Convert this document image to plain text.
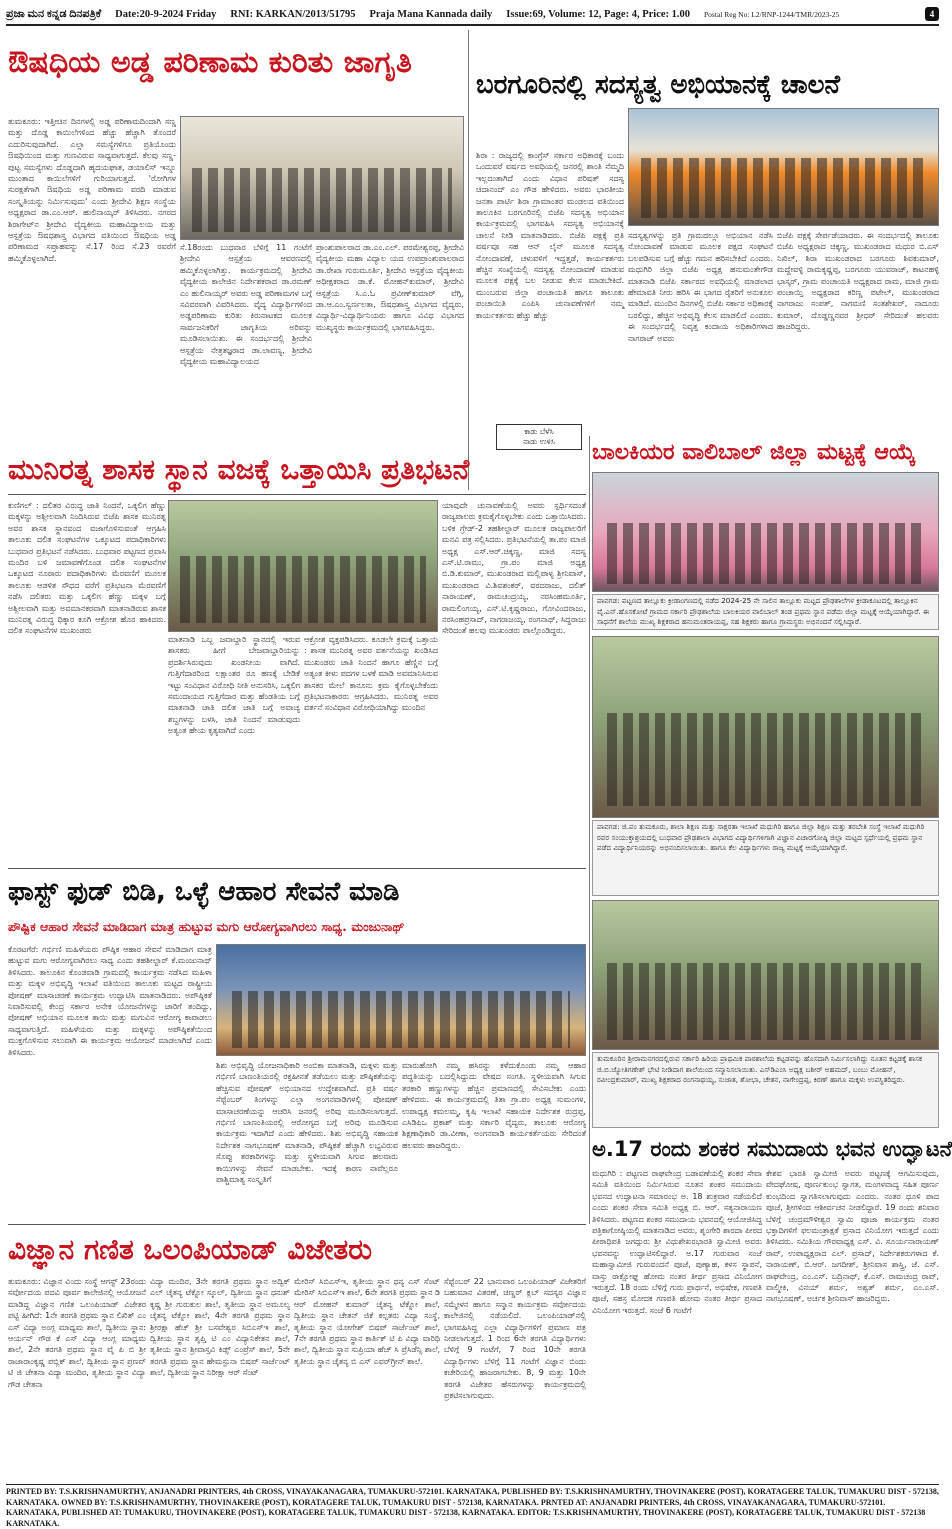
ಪ್ರಜಾ ಮನ ಕನ್ನಡ ದಿನಪತ್ರಿಕೆ Date:20-9-2024 Friday RNI: KARKAN/2013/51795 Praja Mana Kannada daily Issue:69, Volume: 12, Page: 4, Price: 1.00 Postal Reg No: L2/RNP-1244/TMR/2023-25	4
ಔಷಧಿಯ ಅಡ್ಡ ಪರಿಣಾಮ ಕುರಿತು ಜಾಗೃತಿ
ತುಮಕೂರು: ಇತ್ತೀಚಿನ ದಿನಗಳಲ್ಲಿ ಅಡ್ಡ ಪರಿಣಾಮದಿಂದಾಗಿ ಸಣ್ಣ ಮತ್ತು ದೊಡ್ಡ ಕಾಯಿಲೆಗಳಿಂದ ಹೆಚ್ಚು ಹೆಚ್ಚಾಗಿ ತೊಂದರೆ ಎದುರಿಸುವುದಾಗಿದೆ. ಎಲ್ಲಾ ಸಮಸ್ಯೆಗಳಿಗೂ ಪ್ರತಿಯೊಂದು ಔಷಧಿಯಿಂದ ಮತ್ತು ಗುಣವಿರುವ ಸಾಧ್ಯವಾಗುತ್ತದೆ. ಕೆಲವು ಸಣ್ಣ-ಪುಟ್ಟ ಸಮಸ್ಯೆಗಳು ದೊಡ್ಡದಾಗಿ ಹೃದಯಘಾತ, ಡಯಾಲಿಸ್ ಇನ್ನೂ ಮುಂತಾದ ಕಾಯಿಲೆಗಳಿಗೆ ಗುರಿಯಾಗುತ್ತದೆ. 'ರೋಗಿಗಳ ಸುರಕ್ಷತೆಗಾಗಿ ಔಷಧಿಯ ಅಡ್ಡ ಪರಿಣಾಮ ವರದಿ ಮಾಡುವ ಸಂಸ್ಕೃತಿಯನ್ನು ನಿರ್ಮಿಸುವುದು' ಎಂದು ಶ್ರೀದೇವಿ ಶಿಕ್ಷಣ ಸಂಸ್ಥೆಯ ಅಧ್ಯಕ್ಷರಾದ ಡಾ.ಎಂ.ಆರ್. ಹುಲಿನಾಯ್ಕರ್ ತಿಳಿಸಿದರು. ನಗರದ ಶಿರಾಗೇಟ್‌ನ ಶ್ರೀದೇವಿ ವೈದ್ಯಕೀಯ ಮಹಾವಿದ್ಯಾಲಯ ಮತ್ತು ಆಸ್ಪತ್ರೆಯ ಔಷಧಶಾಸ್ತ್ರ ವಿಭಾಗದ ವತಿಯಿಂದ ಔಷಧಿಯ ಅಡ್ಡ ಪರಿಣಾಮದ ಸಪ್ತಾಹವನ್ನು ಸೆ.17 ರಿಂದ ಸೆ.23 ರವರೆಗೆ ಹಮ್ಮಿಕೊಳ್ಳಲಾಗಿದೆ.
ಸೆ.18ರಂದು ಬುಧವಾರ ಬೆಳಿಗ್ಗೆ 11 ಗಂಟೆಗೆ ಶ್ರೀದೇವಿ ಆಸ್ಪತ್ರೆಯ ಆವರಣದಲ್ಲಿ ಹಮ್ಮಿಕೊಳ್ಳಲಾಗಿತ್ತು. ಕಾರ್ಯಕ್ರಮದಲ್ಲಿ ಶ್ರೀದೇವಿ ವೈದ್ಯಕೀಯ ಕಾಲೇಜಿನ ನಿರ್ದೇಶಕರಾದ ಡಾ.ರಮಣ್ ಎಂ ಹುಲಿನಾಯ್ಕರ್ ಅವರು ಅಡ್ಡ ಪರಿಣಾಮಗಳ ಬಗ್ಗೆ ಸವಿವರವಾಗಿ ವಿವರಿಸಿದರು. ವೈದ್ಯ ವಿದ್ಯಾರ್ಥಿಗಳಿಂದ ಅಡ್ಡಪರಿಣಾಮ ಕುರಿತು ಕಿರುನಾಟಕದ ಮೂಲಕ ಸಾರ್ವಜನಿಕರಿಗೆ ಜಾಗೃತಿಯ ಅರಿವನ್ನು ಮೂಡಿಸಲಾಯಿತು. ಈ ಸಂದರ್ಭದಲ್ಲಿ ಶ್ರೀದೇವಿ ಆಸ್ಪತ್ರೆಯ ನೇತ್ರತಜ್ಞರಾದ ಡಾ.ಲಾವಣ್ಯ, ಶ್ರೀದೇವಿ ವೈದ್ಯಕೀಯ ಮಹಾವಿದ್ಯಾಲಯದ
ಪ್ರಾಂಶುಪಾಲರಾದ ಡಾ.ಎಂ.ಎಲ್. ಪರಮೇಶ್ವರಪ್ಪ, ಶ್ರೀದೇವಿ ವೈದ್ಯಕೀಯ ಮಹಾ ವಿದ್ಯಾಲ ಯದ ಉಪಪ್ರಾಂಶುಪಾಲರಾದ ಡಾ.ರೇಖಾ ಗುರುಮೂರ್ತಿ, ಶ್ರೀದೇವಿ ಆಸ್ಪತ್ರೆಯ ವೈದ್ಯಕೀಯ ಅಧೀಕ್ಷಕರಾದ ಡಾ.ಕೆ. ಮೋಹನ್‌ಕುಮಾರ್, ಶ್ರೀದೇವಿ ಆಸ್ಪತ್ರೆಯ ಸಿ.ಎ.ಓ ಪ್ರವೀಣ್‌ಕುಮಾರ್ ವೆಗ್ಗಿ, ಡಾ.ಆ.ಎಂ.ಸ್ವರ್ಣಲತಾ, ಔಷಧಶಾಸ್ತ್ರ ವಿಭಾಗದ ವೈದ್ಯರು, ವಿದ್ಯಾರ್ಥಿ-ವಿದ್ಯಾರ್ಥಿನಿಯರು ಹಾಗೂ ವಿವಿಧ ವಿಭಾಗದ ಮುಖ್ಯಸ್ಥರು ಕಾರ್ಯಕ್ರಮದಲ್ಲಿ ಭಾಗವಹಿಸಿದ್ದರು.
ಬರಗೂರಿನಲ್ಲಿ ಸದಸ್ಯತ್ವ ಅಭಿಯಾನಕ್ಕೆ ಚಾಲನೆ
ಶಿರಾ : ರಾಜ್ಯದಲ್ಲಿ ಕಾಂಗ್ರೆಸ್ ಸರ್ಕಾರ ಅಧಿಕಾರಕ್ಕೆ ಬಂದು ಒಂದುವರೆ ವರ್ಷದ ಅವಧಿಯಲ್ಲಿ ಜನರಲ್ಲಿ ಶಾಂತಿ ನೆಮ್ಮದಿ ಇಲ್ಲದಂತಾಗಿದೆ ಎಂದು ವಿಧಾನ ಪರಿಷತ್ ಸದಸ್ಯ ಚಿದಾನಂದ್ ಎಂ ಗೌಡ ಹೇಳಿದರು. ಅವರು ಭಾರತೀಯ ಜನತಾ ಪಾರ್ಟಿ ಶಿರಾ ಗ್ರಾಮಾಂತರ ಮಂಡಲದ ವತಿಯಿಂದ ತಾಲೂಕಿನ ಬರಗೂರಿನಲ್ಲಿ ಬಿಜೆಪಿ ಸದಸ್ಯತ್ವ ಅಭಿಯಾನ ಕಾರ್ಯಕ್ರಮದಲ್ಲಿ ಭಾಗವಹಿಸಿ ಸದಸ್ಯತ್ವ ಅಭಿಯಾನಕ್ಕೆ ಚಾಲನೆ ನೀಡಿ ಮಾತನಾಡಿದರು. ಬಿಜೆಪಿ ಪಕ್ಷಕ್ಕೆ ಪ್ರತಿ ವರ್ಷವೂ ಸಹ ಆನ್ ಲೈನ್ ಮೂಲಕ ಸದಸ್ಯತ್ವ ನೋಂದಾವಣೆ, ಚಳುವಳಿಗೆ ಇದ್ದತ್ತಡೆ, ಕಾರ್ಯಕರ್ತರು ಹೆಚ್ಚಿನ ಸಂಖ್ಯೆಯಲ್ಲಿ ಸದಸ್ಯತ್ವ ನೋಂದಾವಣೆ ಮಾಡುವ ಮೂಲಕ ಪಕ್ಷಕ್ಕೆ ಬಲ ನೀಡುವ ಕೆಲಸ ಮಾಡಬೇಕಿದೆ. ಮುಂಬರುವ ಜಿಲ್ಲಾ ಪಂಚಾಯತಿ ಹಾಗೂ ತಾಲೂಕು ಪಂಚಾಯಿತಿ ಎಂಪಿಸಿ ಚುನಾವಣೆಗಳಿಗೆ ನಮ್ಮ ಕಾರ್ಯಕರ್ತರು ಹೆಚ್ಚು ಹೆಚ್ಚು
ಸದಸ್ಯತ್ವಗಳನ್ನು ಪ್ರತಿ ಗ್ರಾಮದಲ್ಲೂ ಅಭಿಯಾನ ನಡೆಸಿ ನೋಂದಾವಣೆ ಮಾಡುವ ಮೂಲಕ ಪಕ್ಷದ ಸಂಘಟನೆ ಬಲಪಡಿಸುವ ಬಗ್ಗೆ ಹೆಚ್ಚು ಗಮನ ಹರಿಸಬೇಕಿದೆ ಎಂದರು. ಮಧುಗಿರಿ ಜಿಲ್ಲಾ ಬಿಜೆಪಿ ಅಧ್ಯಕ್ಷ ಹನುಮಂತೇಗೌಡ ಮಾತನಾಡಿ ಬಿಜೆಪಿ ಸರ್ಕಾರದ ಅವಧಿಯಲ್ಲಿ ಮಾಡಲಾದ ಹೇಮಾವತಿ ನೀರು ಹರಿಸಿ ಈ ಭಾಗದ ರೈತರಿಗೆ ಅನುಕೂಲ ಮಾಡಿದೆ. ಮುಂದಿನ ದಿನಗಳಲ್ಲಿ ಬಿಜೆಪಿ ಸರ್ಕಾರ ಅಧಿಕಾರಕ್ಕೆ ಬರಲಿದ್ದು, ಹೆಚ್ಚಿನ ಅಭಿವೃದ್ಧಿ ಕೆಲಸ ಮಾಡಲಿದೆ ಎಂದರು. ಈ ಸಂದರ್ಭದಲ್ಲಿ ನಿವೃತ್ತ ಕಂದಾಯ ಅಧಿಕಾರಿಗಳಾದ ನಾಗರಾಜ್ ಅವರು
ಬಿಜೆಪಿ ಪಕ್ಷಕ್ಕೆ ಸೇರ್ಪಡೆಯಾದರು. ಈ ಸಂದರ್ಭದಲ್ಲಿ ತಾಲೂಕು ಬಿಜೆಪಿ ಅಧ್ಯಕ್ಷರಾದ ಚಿಕ್ಕಣ್ಣ, ಮುಖಂಡರಾದ ಮಧುರ ಬಿ.ಎಸ್ ನಿಖಿಲ್, ಶಿರಾ ಮುಖಂಡರಾದ ಬರಗೂರು ಶಿವಕುಮಾರ್, ಮದ್ದೇವಳ್ಳಿ ರಾಮಕೃಷ್ಣಪ್ಪ, ಬರಗೂರು ಯುವರಾಜ್, ಕಾಟನಹಳ್ಳಿ ಭಾಸ್ಕರ್, ಗ್ರಾಮ ಪಂಚಾಯತಿ ಅಧ್ಯಕ್ಷರಾದ ರಾಮ, ಮಾಜಿ ಗ್ರಾಮ ಪಂಚಾಯ್ತಿ ಅಧ್ಯಕ್ಷರಾದ ಕರಿಣ್ಣ ಪಟೇಲ್, ಮುಖಂಡರಾದ ನಾಗರಾಜು ಸಂಪತ್, ನಾಗಮಣಿ ಸಂತಶೇಖರ್, ನಾದೂರು ಕುಮಾರ್, ದೊಡ್ಡಣ್ಣನವರ ಶ್ರೀಧರ್ ಸೇರಿದಂತೆ ಹಲವರು ಹಾಜರಿದ್ದರು.
ಕಾಡು ಬೆಳೆಸಿ
ನಾಡು ಉಳಿಸಿ	ಬಾಲಕಿಯರ ವಾಲಿಬಾಲ್ ಜಿಲ್ಲಾ ಮಟ್ಟಕ್ಕೆ ಆಯ್ಕೆ
ಪಾವಗಡ: ಪಟ್ಟಣದ ತಾಲ್ಲೂಕು ಕ್ರೀಡಾಂಗಣದಲ್ಲಿ ನಡೆದ 2024-25 ನೇ ಸಾಲಿನ ತಾಲ್ಲೂಕು ಮಟ್ಟದ ಪ್ರೌಢಶಾಲೆಗಳ ಕ್ರೀಡಾಕೂಟದಲ್ಲಿ ತಾಲ್ಲೂಕಿನ ವೈ.ಎನ್.ಹೊಸಕೋಟೆ ಗ್ರಾಮದ ಸರ್ಕಾರಿ ಪ್ರೌಢಶಾಲೆಯ ಬಾಲಕಿಯರ ವಾಲಿಬಾಲ್ ತಂಡ ಪ್ರಥಮ ಸ್ಥಾನ ಪಡೆದು ಜಿಲ್ಲಾ ಮಟ್ಟಕ್ಕೆ ಆಯ್ಕೆಯಾಗಿದ್ದಾರೆ. ಈ ಸಾಧನೆಗೆ ಶಾಲೆಯ ಮುಖ್ಯ ಶಿಕ್ಷಕರಾದ ಹನುಮಂತರಾಯಪ್ಪ, ಸಹ ಶಿಕ್ಷಕರು ಹಾಗೂ ಗ್ರಾಮಸ್ಥರು ಅಭಿನಂದನೆ ಸಲ್ಲಿಸಿದ್ದಾರೆ.
ಪಾವಗಡ: ಜಿ.ಪಂ ತುಮಕೂರು, ಶಾಲಾ ಶಿಕ್ಷಣ ಮತ್ತು ಸಾಕ್ಷರತಾ ಇಲಾಖೆ ಮಧುಗಿರಿ ಹಾಗೂ ಜಿಲ್ಲಾ ಶಿಕ್ಷಣ ಮತ್ತು ತರಬೇತಿ ಸಂಸ್ಥೆ ಇಲಾಖೆ ಮಧುಗಿರಿ ರವರ ಸಂಯುಕ್ತಾಶ್ರಯದಲ್ಲಿ ಬುಧವಾರ ಪ್ರೌಢಶಾಲಾ ವಿಭಾಗದ ವಿದ್ಯಾರ್ಥಿಗಳಿಗಾಗಿ ವಿಜ್ಞಾನ ವಿಚಾರಗೋಷ್ಠಿ ಜಿಲ್ಲಾ ಮಟ್ಟದ ಸ್ಪರ್ಧೆಯಲ್ಲಿ ಪ್ರಥಮ ಸ್ಥಾನ ಪಡೆದ ವಿದ್ಯಾರ್ಥಿನಿಯರನ್ನು ಅಭಿನಂದಿಸಲಾಯಿತು. ಹಾಗೂ ಕೆಲ ವಿದ್ಯಾರ್ಥಿಗಳು ರಾಜ್ಯ ಮಟ್ಟಕ್ಕೆ ಆಯ್ಕೆಯಾಗಿದ್ದಾರೆ.
ಮುನಿರತ್ನ ಶಾಸಕ ಸ್ಥಾನ ವಜಕ್ಕೆ ಒತ್ತಾಯಿಸಿ ಪ್ರತಿಭಟನೆ
ಕುಣಿಗಲ್ : ದಲಿತರ ವಿರುದ್ಧ ಜಾತಿ ನಿಂದನೆ, ಒಕ್ಕಲಿಗ ಹೆಣ್ಣು ಮಕ್ಕಳನ್ನು ಅಶ್ಲೀಲವಾಗಿ ನಿಂದಿಸಿರುವ ಬಿಜೆಪಿ ಶಾಸಕ ಮುನಿರತ್ನ ಅವರ ಶಾಸಕ ಸ್ಥಾನವಂದ ವಜಾಗೊಳಿಸುವಂತೆ ಆಗ್ರಹಿಸಿ ತಾಲೂಕು ದಲಿತ ಸಂಘಟನೆಗಳ ಒಕ್ಕೂಟದ ಪದಾಧಿಕಾರಿಗಳು ಬುಧವಾರ ಪ್ರತಿಭಟನೆ ನಡೆಸಿದರು. ಬುಧವಾರ ಪಟ್ಟಣದ ಪ್ರವಾಸಿ ಮಂದಿರ ಬಳಿ ಜಮಾವಣೆಗೊಂಡ ದಲಿತ ಸಂಘಟನೆಗಳ ಒಕ್ಕೂಟದ ನೂರಾರು ಪದಾಧಿಕಾರಿಗಳು ಮೆರವಣಿಗೆ ಮೂಲಕ ತಾಲೂಕು ಆಡಳಿತ ಸೌಧದ ವರೆಗೆ ಪ್ರತಿಭಟನಾ ಮೆರವಣಿಗೆ ನಡೆಸಿ ದಲಿತರು ಮತ್ತು ಒಕ್ಕಲಿಗ ಹೆಣ್ಣು ಮಕ್ಕಳ ಬಗ್ಗೆ ಅಶ್ಲೀಲವಾಗಿ ಮತ್ತು ಅವಮಾನಕರವಾಗಿ ಮಾತನಾಡಿರುವ ಶಾಸಕ ಮುನಿರತ್ನ ವಿರುದ್ಧ ಧಿಕ್ಕಾರ ಕೂಗಿ ಆಕ್ರೋಶ ಹೊರ ಹಾಕಿದರು. ದಲಿತ ಸಂಘಟನೆಗಳ ಮುಖಂಡರು
ಮಾತನಾಡಿ ಒಬ್ಬ ಜವಾಬ್ದಾರಿ ಸ್ಥಾನದಲ್ಲಿ ಇರುವ ಶಾಸಕರು ಹೀಗೆ ಬೇಜವಾಬ್ದಾರಿಯನ್ನು ಪ್ರದರ್ಶಿಸಿರುವುದು ಖಂಡನೀಯ ವಾಗಿದೆ. ಗುತ್ತಿಗೆದಾರರಿಂದ ಲಕ್ಷಾಂತರ ರೂ ಹಣಕ್ಕೆ ಬೇಡಿಕೆ ಇಟ್ಟು ಸಂವಿಧಾನ ವಿರೋಧಿ ನೀತಿ ಅನುಸರಿಸಿ, ಒಕ್ಕಲಿಗ ಸಮುದಾಯದ ಗುತ್ತಿಗೆದಾರ ಮತ್ತು ಹೆಂಡತಿಯ ಬಗ್ಗೆ ಮಾತನಾಡಿ ಜಾತಿ ದಲಿತ ಜಾತಿ ಬಗ್ಗೆ ಅವಾಚ್ಯ ಶಬ್ದಗಳನ್ನು ಬಳಸಿ, ಜಾತಿ ನಿಂದನೆ ಮಾಡುವುದು ಅತ್ಯಂತ ಹೇಯ ಕೃತ್ಯವಾಗಿದೆ ಎಂದು
ಆಕ್ರೋಶ ವ್ಯಕ್ತಪಡಿಸಿದರು. ಕೂಡಲೇ ಕ್ರಮಕ್ಕೆ ಒತ್ತಾಯ : ಶಾಸಕ ಮುನಿರತ್ನ ಅವರ ವರ್ತನೆಯನ್ನು ಖಂಡಿಸಿದ ಮುಖಂಡರು ಜಾತಿ ನಿಂದನೆ ಹಾಗೂ ಹೆಣ್ಣಿನ ಬಗ್ಗೆ ಅತ್ಯಂತ ಕೀಳು ಪದಗಳ ಬಳಕೆ ಮಾಡಿ ಅವಮಾನಿಸಿರುವ ಶಾಸಕರ ಮೇಲೆ ಕಾನೂನು ಕ್ರಮ ಕೈಗೊಳ್ಳಬೇಕೆಂದು ಪ್ರತಿಭಟನಾಕಾರರು ಆಗ್ರಹಿಸಿದರು. ಮುನಿರತ್ನ ಅವರ ವರ್ತನೆ ಸಂವಿಧಾನ ವಿರೋಧಿಯಾಗಿದ್ದು ಮುಂದಿನ
ಯಾವುದೇ ಚುನಾವಣೆಯಲ್ಲಿ ಅವರು ಸ್ಪರ್ಧಿಸದಂತೆ ರಾಜ್ಯಪಾಲರು ಕ್ರಮಕೈಗೊಳ್ಳಬೇಕು ಎಂದು ಒತ್ತಾಯಿಸಿದರು. ಬಳಿಕ ಗ್ರೇಡ್-2 ತಹಶೀಲ್ದಾರ್ ಮೂಲಕ ರಾಜ್ಯಪಾಲರಿಗೆ ಮನವಿ ಪತ್ರ ಸಲ್ಲಿಸಿದರು. ಪ್ರತಿಭಟನೆಯಲ್ಲಿ ತಾ.ಪಂ ಮಾಜಿ ಅಧ್ಯಕ್ಷ ಎಸ್.ಆರ್.ಚಿಕ್ಕಣ್ಣ, ಮಾಜಿ ಸದಸ್ಯ ಎಸ್.ಟಿ.ರಾಮು, ಗ್ರಾ.ಪಂ ಮಾಜಿ ಅಧ್ಯಕ್ಷ ಬಿ.ಡಿ.ಕುಮಾರ್, ಮುಖಂಡರಾದ ಮಲ್ಲಿಪಾಳ್ಯ ಶ್ರೀನಿವಾಸ್, ಮುಖಂಡರಾದ ವಿ.ಶಿವಶಂಕರ್, ವರದರಾಜು, ದಲಿತ್ ನಾರಾಯಣ್, ರಾಮಚಂದ್ರಯ್ಯ, ನರಸಿಂಹಮೂರ್ತಿ, ರಾಮಲಿಂಗಯ್ಯ, ಎಸ್.ಟಿ.ಕೃಷ್ಣರಾಜು, ಗೋವಿಂದರಾಜು, ನರಸಿಂಹಪ್ರಸಾದ್, ನಾಗರಾಜಯ್ಯ, ರಂಗನಾಥ್, ಸಿದ್ದರಾಜು ಸೇರಿದಂತೆ ಹಲವು ಮುಖಂಡರು ಪಾಲ್ಗೊಂಡಿದ್ದರು.
ಫಾಸ್ಟ್ ಫುಡ್ ಬಿಡಿ, ಒಳ್ಳೆ ಆಹಾರ ಸೇವನೆ ಮಾಡಿ
ಪೌಷ್ಟಿಕ ಆಹಾರ ಸೇವನೆ ಮಾಡಿದಾಗ ಮಾತ್ರ ಹುಟ್ಟುವ ಮಗು ಆರೋಗ್ಯವಾಗಿರಲು ಸಾಧ್ಯ. ಮಂಜುನಾಥ್
ಕೊರಟಗೆರೆ: ಗರ್ಭಿಣಿ ಮಹಿಳೆಯರು ಪೌಷ್ಠಿಕ ಆಹಾರ ಸೇವನೆ ಮಾಡಿದಾಗ ಮಾತ್ರ ಹುಟ್ಟುವ ಮಗು ಆರೋಗ್ಯವಾಗಿರಲು ಸಾಧ್ಯ ಎಂದು ತಹಶೀಲ್ದಾರ್ ಕೆ.ಮಂಜುನಾಥ್ ತಿಳಿಸಿದರು. ತಾಲೂಕಿನ ಕೊಂಡವಾಡಿ ಗ್ರಾಮದಲ್ಲಿ ಕಾರ್ಯಕ್ರಮ ನಡೆಸಿದ ಮಹಿಳಾ ಮತ್ತು ಮಕ್ಕಳ ಅಭಿವೃದ್ಧಿ ಇಲಾಖೆ ವತಿಯಿಂದ ತಾಲೂಕು ಮಟ್ಟದ ರಾಷ್ಟ್ರೀಯ ಪೋಷಣ್ ಮಾಸಾಚರಣೆ ಕಾರ್ಯಕ್ರಮ ಉದ್ಘಾಟಿಸಿ ಮಾತನಾಡಿದರು. ಅಪೌಷ್ಠಿಕತೆ ನಿವಾರಿಸುವಲ್ಲಿ ಕೇಂದ್ರ ಸರ್ಕಾರ ಅನೇಕ ಯೋಜನೆಗಳನ್ನು ಜಾರಿಗೆ ತಂದಿದ್ದು, ಪೋಷಣ್ ಅಭಿಯಾನ ಮೂಲಕ ತಾಯಿ ಮತ್ತು ಮಗುವಿನ ಆರೋಗ್ಯ ಕಾಪಾಡಲು ಸಾಧ್ಯವಾಗುತ್ತಿದೆ. ಮಹಿಳೆಯರು ಮತ್ತು ಮಕ್ಕಳನ್ನು ಅಪೌಷ್ಠಿಕತೆಯಿಂದ ಮುಕ್ತಗೊಳಿಸುವ ಸಲುವಾಗಿ ಈ ಕಾರ್ಯಕ್ರಮ ಆಯೋಜನೆ ಮಾಡಲಾಗಿದೆ ಎಂದು ತಿಳಿಸಿದರು.
ಶಿಶು ಅಭಿವೃದ್ಧಿ ಯೋಜನಾಧಿಕಾರಿ ಅಂಬಿಕಾ ಮಾತನಾಡಿ, ಮಕ್ಕಳು ಮತ್ತು ಗರ್ಭಿಣಿ ಬಾಣಂತಿಯರಲ್ಲಿ ರಕ್ತಹೀನತೆ ತಡೆಯಲು ಮತ್ತು ಪೌಷ್ಠಿಕತೆಯನ್ನು ಹೆಚ್ಚಿಸುವ ಪೋಷಣ್ ಅಭಿಯಾನದ ಉದ್ದೇಶವಾಗಿದೆ. ಪ್ರತಿ ವರ್ಷ ಸೆಪ್ಟೆಂಬರ್ ತಿಂಗಳನ್ನು ಎಲ್ಲಾ ಅಂಗನವಾಡಿಗಳಲ್ಲಿ ಪೋಷಣ್ ಮಾಸಾಚರಣೆಯನ್ನು ಆಚರಿಸಿ ಜನರಲ್ಲಿ ಅರಿವು ಮೂಡಿಸಲಾಗುತ್ತದೆ. ಗರ್ಭಿಣಿ ಬಾಣಂತಿಯರಲ್ಲಿ ಆರೋಗ್ಯದ ಬಗ್ಗೆ ಅರಿವು ಮೂಡಿಸುವ ಕಾರ್ಯಕ್ರಮ ಇದಾಗಿದೆ ಎಂದು ಹೇಳಿದರು. ಶಿಶು ಅಭಿವೃದ್ಧಿ ಸಹಾಯಕ ನಿರ್ದೇಶಕ ನಾಗಭೂಷಣ್ ಮಾತನಾಡಿ, ಪೌಷ್ಠಿಕತೆ ಹೆಚ್ಚಾಗಿ ಲಭ್ಯವಿರುವ ಸೊಪ್ಪು ತರಕಾರಿಗಳನ್ನು ಮತ್ತು ಸ್ಥಳೀಯವಾಗಿ ಸಿಗುವ ಹಲವಾರು ಕಾಯಿಗಳನ್ನು ಸೇವನೆ ಮಾಡಬೇಕು. ಇದಕ್ಕೆ ಕಾರಣ ನಾವೆಲ್ಲರೂ ಪಾಶ್ಚಿಮಾತ್ಯ ಸಂಸ್ಕೃತಿಗೆ
ಮಾರುಹೋಗಿ ನಮ್ಮ ಹಸಿರನ್ನು ಕಳೆದುಕೊಂಡು ನಮ್ಮ ಆಹಾರ ಪದ್ಧತಿಯನ್ನು ಬದಲ್ಲಿಸಿದ್ದುದು ವೇಷದ ಸಂಗತಿ. ಸ್ಥಳೀಯವಾಗಿ ಸಿಗುವ ತರಕಾರಿ ಹಣ್ಣುಗಳನ್ನು ಹೆಚ್ಚಿನ ಪ್ರಮಾಣದಲ್ಲಿ ಸೇವಿಸಬೇಕು ಎಂದು ಹೇಳಿದರು. ಈ ಕಾರ್ಯಕ್ರಮದಲ್ಲಿ ತಿತಾ ಗ್ರಾ.ಪಂ ಅಧ್ಯಕ್ಷ ಸುಮಂಗಳ, ಉಪಾಧ್ಯಕ್ಷ ಕಮಲಮ್ಮ, ಕೃಷಿ ಇಲಾಖೆ ಸಹಾಯಕ ನಿರ್ದೇಶಕ ರುದ್ರಪ್ಪ, ಎಸಿಡಿಪಿಒ ಪ್ರಕಾಶ್ ಮತ್ತು ಸರ್ಕಾರಿ ವೈದ್ಯರು, ತಾಲೂಕು ಆರೋಗ್ಯ ಶಿಕ್ಷಣಾಧಿಕಾರಿ ಡಾ.ವೀಣಾ, ಅಂಗನವಾಡಿ ಕಾರ್ಯಕರ್ತೆಯರು ಸೇರಿದಂತೆ ಹಲವರು ಹಾಜರಿದ್ದರು.
ತುಮಕೂರಿನ ಶ್ರೀರಾಮನಗರದಲ್ಲಿರುವ ಸರ್ಕಾರಿ ಹಿರಿಯ ಪ್ರಾಥಮಿಕ ಪಾಠಶಾಲೆಯ ಕಟ್ಟಡವನ್ನು ಹೊಸದಾಗಿ ನಿರ್ಮಿಸಲಾಗಿದ್ದು ನೂತನ ಕಟ್ಟಡಕ್ಕೆ ಶಾಸಕ ಜಿ.ಬಿ.ಜ್ಯೋತಿಗಣೇಶ್ ಭೇಟಿ ನೀಡಿದಾಗ ಶಾಲೆಯಿಂದ ಸನ್ಮಾನಿಸಲಾಯಿತು. ಎಸ್‌ಡಿಎಂಸಿ ಅಧ್ಯಕ್ಷ ಬಶೀರ್ ಅಹಮದ್, ಬಂಬು ಮೋಹನ್, ರವೀಂದ್ರಕುಮಾರ್, ಮುಖ್ಯ ಶಿಕ್ಷಕರಾದ ರಂಗನಾಥಯ್ಯ, ಸುಜಾತ, ಶೋಭಾ, ಚೇತನ, ನಾಗೇಂದ್ರಪ್ಪ, ಕಿರಣ್ ಹಾಗೂ ಮಕ್ಕಳು ಉಪಸ್ಥಿತರಿದ್ದರು.
ಅ.17 ರಂದು ಶಂಕರ ಸಮುದಾಯ ಭವನ ಉದ್ಘಾಟನೆ
ಮಧುಗಿರಿ : ಪಟ್ಟಣದ ರಾಘವೇಂದ್ರ ಬಡಾವಣೆಯಲ್ಲಿ ಶಂಕರ ಸೇವಾ ಸಮಿತಿ ವತಿಯಿಂದ ನಿರ್ಮಿಸಿರುವ ನೂತನ ಶಂಕರ ಸಮುದಾಯ ಭವನದ ಉದ್ಘಾಟನಾ ಸಮಾರಂಭ ಅ. 18 ಶುಕ್ರವಾರ ನಡೆಯಲಿದೆ ಎಂದು ಶಂಕರ ಸೇವಾ ಸಮಿತಿ ಅಧ್ಯಕ್ಷ ಬಿ. ಆರ್. ಸತ್ಯನಾರಾಯಣ ತಿಳಿಸಿದರು. ಪಟ್ಟಣದ ಶಂಕರ ಸಮುದಾಯ ಭವನದಲ್ಲಿ ಆಯೋಜಿಸಿದ್ದ ಪತ್ರಿಕಾಗೋಷ್ಠಿಯಲ್ಲಿ ಮಾತನಾಡಿದ ಅವರು, ಶೃಂಗೇರಿ ಶಾರದಾ ಪೀಠದ ಪೀಠಾಧಿಪತಿ ಜಗದ್ಗುರು ಶ್ರೀ ವಿಧುಶೇಖರಭಾರತಿ ಸ್ವಾಮೀಜಿ ಅವರು ಭವನವನ್ನು ಉದ್ಘಾಟಿಸಲಿದ್ದಾರೆ. ಅ.17 ಗುರುವಾರ ಸಂಜೆ ಮಹಾಸ್ವಾಮೀಜಿ ಗುರುವಂದನೆ ಪೂಜೆ, ಪುಣ್ಯಾಹ, ಕಳಸ ಸ್ಥಾಪನೆ, ವಾಸ್ತು ರಾಕ್ಷೋಘ್ನ ಹೋಮ ನಂತರ ತೀರ್ಥ ಪ್ರಸಾದ ವಿನಿಯೋಗ ಇರುತ್ತದೆ. 18 ರಂದು ಬೆಳಿಗ್ಗೆ ಗುರು ಪ್ರಾರ್ಥನೆ, ಅಭಿಷೇಕ, ಗಣಪತಿ ಪೂಜೆ, ಸಹಸ್ರ ಮೋದಕ ಗಣಪತಿ ಹೋಮ ನಂತರ ತೀರ್ಥ ಪ್ರಸಾದ ವಿನಿಯೋಗ ಇರುತ್ತದೆ. ಸಂಜೆ 6 ಗಂಟೆಗೆ
ಕೇಶವ ಭಾರತಿ ಸ್ವಾಮೀಜಿ ಅವರು ಪಟ್ಟಣಕ್ಕೆ ಆಗಮಿಸುವುದು, ವೇದಘೋಷ, ಪೂರ್ಣಕುಂಭ ಸ್ವಾಗತ, ಮಂಗಳವಾದ್ಯ ಸಹಿತ ಪೂರ್ಣ ಕುಂಭದಿಂದ ಸ್ವಾಗತಿಸಲಾಗುವುದು ಎಂದರು. ನಂತರ ಧೂಳಿ ಪಾದ ಪೂಜೆ, ಶ್ರೀಗಳಿಂದ ಆಶೀರ್ವಚನ ನೀಡಲಿದ್ದಾರೆ. 19 ರಂದು ಶನಿವಾರ ಬೆಳಿಗ್ಗೆ ಚಂದ್ರಮೌಳೀಶ್ವರ ಸ್ವಾಮಿ ಪೂಜಾ ಕಾರ್ಯಕ್ರಮ ನಂತರ ಭಕ್ತಾದಿಗಳಿಗೆ ಫಲಮಂತ್ರಾಕ್ಷತೆ ಪ್ರಸಾದ ವಿನಿಯೋಗ ಇರುತ್ತದೆ ಎಂದು ತಿಳಿಸಿದರು. ಸಮಿತಿಯ ಗೌರವಾಧ್ಯಕ್ಷ ಎಸ್. ವಿ. ಸೂರ್ಯನಾರಾಯಣ್ ರಾವ್, ಉಪಾಧ್ಯಕ್ಷರಾದ ಎಲ್. ಪ್ರಸಾದ್, ನಿರ್ದೇಶಕರುಗಳಾದ ಕೆ. ನಾರಾಯಣ್, ಬಿ.ಆರ್. ಜಗದೀಶ್, ಶ್ರೀನಿವಾಸ ಶಾಸ್ತ್ರಿ, ಜೆ. ಎಸ್. ರಾಘವೇಂದ್ರ, ಎಂ.ಎಸ್. ಬದ್ರಿನಾಥ್, ಕೆ.ಎಸ್. ರಾಮಚಂದ್ರ ರಾವ್, ವಾಲ್ಮೀಕಿ, ವಿನಯ್ ಶರ್ಮ, ಅಶ್ವತ್ ಶರ್ಮ, ಎಂ.ಎಸ್. ನಾಗಭೂಷಣ್, ಅರ್ಚಕ ಶ್ರೀನಿವಾಸ್ ಹಾಜರಿದ್ದರು.
ವಿಜ್ಞಾನ ಗಣಿತ ಒಲಂಪಿಯಾಡ್ ವಿಜೇತರು
ತುಮಕೂರು: ವಿಜ್ಞಾನ ವಿಂದು ಸಂಸ್ಥೆ ಆಗಸ್ಟ್ 23ರಂದು ಸರ್ವೋದಯ ಪದವಿ ಪೂರ್ವ ಕಾಲೇಜಿನಲ್ಲಿ ಆಯೋಜನೆ ಮಾಡಿದ್ದ ವಿಜ್ಞಾನ ಗಣಿತ ಒಲಂಪಿಯಾಡ್ ವಿಜೇತರ ಪಟ್ಟಿ ಹೀಗಿದೆ: 1ನೇ ತರಗತಿ ಪ್ರಥಮ ಸ್ಥಾನ ಲಿಖಿತ್ ಎಂ ಎಸ್ ವಿದ್ಯಾ ಅಂಗ್ಲ ಮಾಧ್ಯಮ ಶಾಲೆ, ದ್ವಿತೀಯ ಸ್ಥಾನ: ಆರ್ಯನ್ ಗೌಡ ಕೆ ಎಸ್ ವಿದ್ಯಾ ಆಂಗ್ಲ ಮಾಧ್ಯಮ ಶಾಲೆ, 2ನೇ ತರಗತಿ ಪ್ರಥಮ ಸ್ಥಾನ ವೈ ಪಿ ಬಿ ಶ್ರೀ ರಾಜಾರಾಂಕೃಷ್ಣ ಪಬ್ಲಿಕ್ ಶಾಲೆ, ದ್ವಿತೀಯ ಸ್ಥಾನ ಪ್ರಣವ್ ಟಿ ಜಿ ಚೇತನಾ ವಿದ್ಯಾ ಮಂದಿರ, ತೃತೀಯ ಸ್ಥಾನ ವಿದ್ಯಾ ಗೌಡ ಚೇತನಾ
ವಿದ್ಯಾ ಮಂದಿರ, 3ನೇ ತರಗತಿ ಪ್ರಥಮ ಸ್ಥಾನ ಅದ್ವಿಕ್ ಎಲ್ ಚೈತನ್ಯ ಟೆಕ್ನೋ ಸ್ಕೂಲ್, ದ್ವಿತೀಯ ಸ್ಥಾನ ಧನುಶ್ ಕೃಷ್ಣ ಶ್ರೀ ಗುರುಕುಲ ಶಾಲೆ, ತೃತೀಯ ಸ್ಥಾನ ಅಮೂಲ್ಯ ಚೈತನ್ಯ ಟೆಕ್ನೋ ಶಾಲೆ, 4ನೇ ತರಗತಿ ಪ್ರಥಮ ಸ್ಥಾನ ಶ್ರೀರಕ್ಷಾ ಹೆಚ್ ಶ್ರೀ ಬಸವೇಶ್ವರ ಸಿಬಿಎಸ್‌ಇ ಶಾಲೆ, ದ್ವಿತೀಯ ಸ್ಥಾನ ತೃಪ್ತಿ ಟಿ ಎಂ ವಿದ್ಯಾನಿಕೇತನ ಶಾಲೆ, ತೃತೀಯ ಸ್ಥಾನ ಶ್ರೀವಾಸ್ತವಿ ಕಿಡ್ಸ್ ಎಂಪ್ರೆಸ್ ಶಾಲೆ, 5ನೇ ತರಗತಿ ಪ್ರಥಮ ಸ್ಥಾನ ಹೇಮಸ್ಪುನಾ ಬಿಷಪ್ ಸಾರ್ಜೆಂಟ್ ಶಾಲೆ, ದ್ವಿತೀಯ ಸ್ಥಾನ ನಿರೀಕ್ಷಾ ಆರ್ ಸೆಂಟ್
ಮೇರಿಸ್ ಸಿಬಿಎಸ್‌ಇ, ತೃತೀಯ ಸ್ಥಾನ ಧನ್ಯ ಎಸ್ ಸೆಂಟ್ ಮೇರಿಸ್ ಸಿಬಿಎಸ್‌ಇ ಶಾಲೆ, 6ನೇ ತರಗತಿ ಪ್ರಥಮ ಸ್ಥಾನ ಡಿ ಆರ್ ಮೋಹನ್ ಕುಮಾರ್ ಚೈತನ್ಯ ಟೆಕ್ನೋ ಶಾಲೆ, ದ್ವಿತೀಯ ಸ್ಥಾನ ಚೇತನ್ ಜಿಕೆ ಕಲ್ಪತರು ವಿದ್ಯಾ ಸಂಸ್ಥೆ, ತೃತೀಯ ಸ್ಥಾನ ಯೋಗೇಶ್ ಬಿಷಪ್ ಸಾರ್ಜೆಂಟ್ ಶಾಲೆ, 7ನೇ ತರಗತಿ ಪ್ರಥಮ ಸ್ಥಾನ ಕಾರ್ತಿಕ್ ಟಿ ಪಿ ವಿದ್ಯಾ ವಾರಿಧಿ ಶಾಲೆ, ದ್ವಿತೀಯ ಸ್ಥಾನ ಸುಪ್ರಿಯಾ ಹೆಚ್ ಸಿ ಪ್ರೆಸಿಡೆನ್ಸಿ ಶಾಲೆ, ತೃತೀಯ ಸ್ಥಾನ ಚೈತನ್ಯ ಬಿ ಎಸ್ ಎವರ್‌ಗ್ರೀನ್ ಶಾಲೆ.
ಸೆಪ್ಟೆಂಬರ್ 22 ಭಾನುವಾರ ಒಲಂಪಿಯಾಡ್ ವಿಜೇತರಿಗೆ ಬಹುಮಾನ ವಿತರಣೆ, ಚಿಣ್ಣರ್ ಕ್ಲಬ್ ಸದಸ್ಯರ ವಿಜ್ಞಾನ ಸಮ್ಮೇಳನ ಹಾಗೂ ಸನ್ಮಾನ ಕಾರ್ಯಕ್ರಮ ಸರ್ವೋದಯ ಕಾಲೇಜಿನಲ್ಲಿ ನಡೆಯಲಿದೆ. ಒಲಂಪಿಯಾಡ್‌ನಲ್ಲಿ ಭಾಗವಹಿಸಿದ್ದ ಎಲ್ಲಾ ವಿದ್ಯಾರ್ಥಿಗಳಿಗೆ ಪ್ರಮಾಣ ಪತ್ರ ನೀಡಲಾಗುತ್ತದೆ. 1 ರಿಂದ 6ನೇ ತರಗತಿ ವಿದ್ಯಾರ್ಥಿಗಳು ಬೆಳಿಗ್ಗೆ 9 ಗಂಟೆಗೆ, 7 ರಿಂದ 10ನೇ ತರಗತಿ ವಿದ್ಯಾರ್ಥಿಗಳು ಬೆಳಿಗ್ಗೆ 11 ಗಂಟೆಗೆ ವಿಜ್ಞಾನ ಬಿಂದು ಕಚೇರಿಯಲ್ಲಿ ಹಾಜರಾಗಬೇಕು. 8, 9 ಮತ್ತು 10ನೇ ತರಗತಿ ವಿಜೇತರ ಹೆಸರುಗಳನ್ನು ಕಾರ್ಯಕ್ರಮದಲ್ಲಿ ಪ್ರಕಟಿಸಲಾಗುವುದು.
PRINTED BY: T.S.KRISHNAMURTHY, ANJANADRI PRINTERS, 4th CROSS, VINAYAKANAGARA, TUMAKURU-572101. KARNATAKA, PUBLISHED BY: T.S.KRISHNAMURTHY, THOVINAKERE (POST), KORATAGERE TALUK, TUMAKURU DIST - 572138, KARNATAKA. OWNED BY: T.S.KRISHNAMURTHY, THOVINAKERE (POST), KORATAGERE TALUK, TUMAKURU DIST - 572138, KARNATAKA. PRNTED AT: ANJANADRI PRINTERS, 4th CROSS, VINAYAKANAGARA, TUMAKURU-572101. KARNATAKA, PUBLISHED AT: TUMAKURU, THOVINAKERE (POST), KORATAGERE TALUK, TUMAKURU DIST - 572138, KARNATAKA. EDITOR: T.S.KRISHNAMURTHY, THOVINAKERE (POST), KORATAGERE TALUK, TUMAKURU DIST - 572138 KARNATAKA.
